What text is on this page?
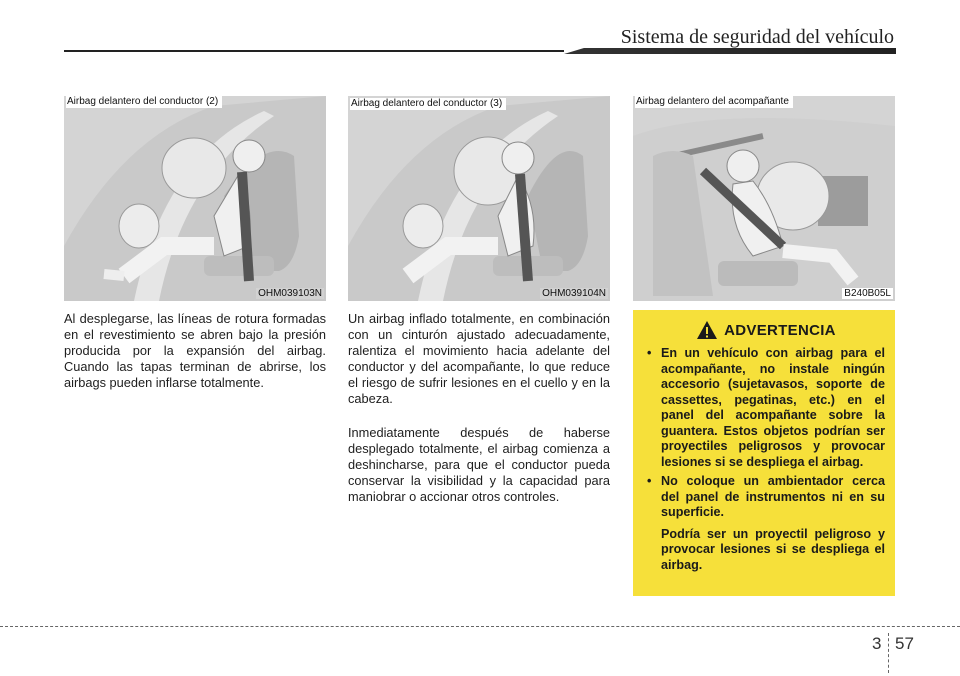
Sistema de seguridad del vehículo
Airbag delantero del conductor (2)
OHM039103N
Airbag delantero del conductor (3)
OHM039104N
Airbag delantero del acompañante
B240B05L

Al desplegarse, las líneas de rotura formadas en el revestimiento se abren bajo la presión producida por la expansión del airbag. Cuando las tapas terminan de abrirse, los airbags pueden inflarse totalmente.

Un airbag inflado totalmente, en combinación con un cinturón ajustado adecuadamente, ralentiza el movimiento hacia adelante del conductor y del acompañante, lo que reduce el riesgo de sufrir lesiones en el cuello y en la cabeza.

Inmediatamente después de haberse desplegado totalmente, el airbag comienza a deshincharse, para que el conductor pueda conservar la visibilidad y la capacidad para maniobrar o accionar otros controles.

ADVERTENCIA
• En un vehículo con airbag para el acompañante, no instale ningún accesorio (sujetavasos, soporte de cassettes, pegatinas, etc.) en el panel del acompañante sobre la guantera. Estos objetos podrían ser proyectiles peligrosos y provocar lesiones si se despliega el airbag.
• No coloque un ambientador cerca del panel de instrumentos ni en su superficie.
Podría ser un proyectil peligroso y provocar lesiones si se despliega el airbag.
3 57
